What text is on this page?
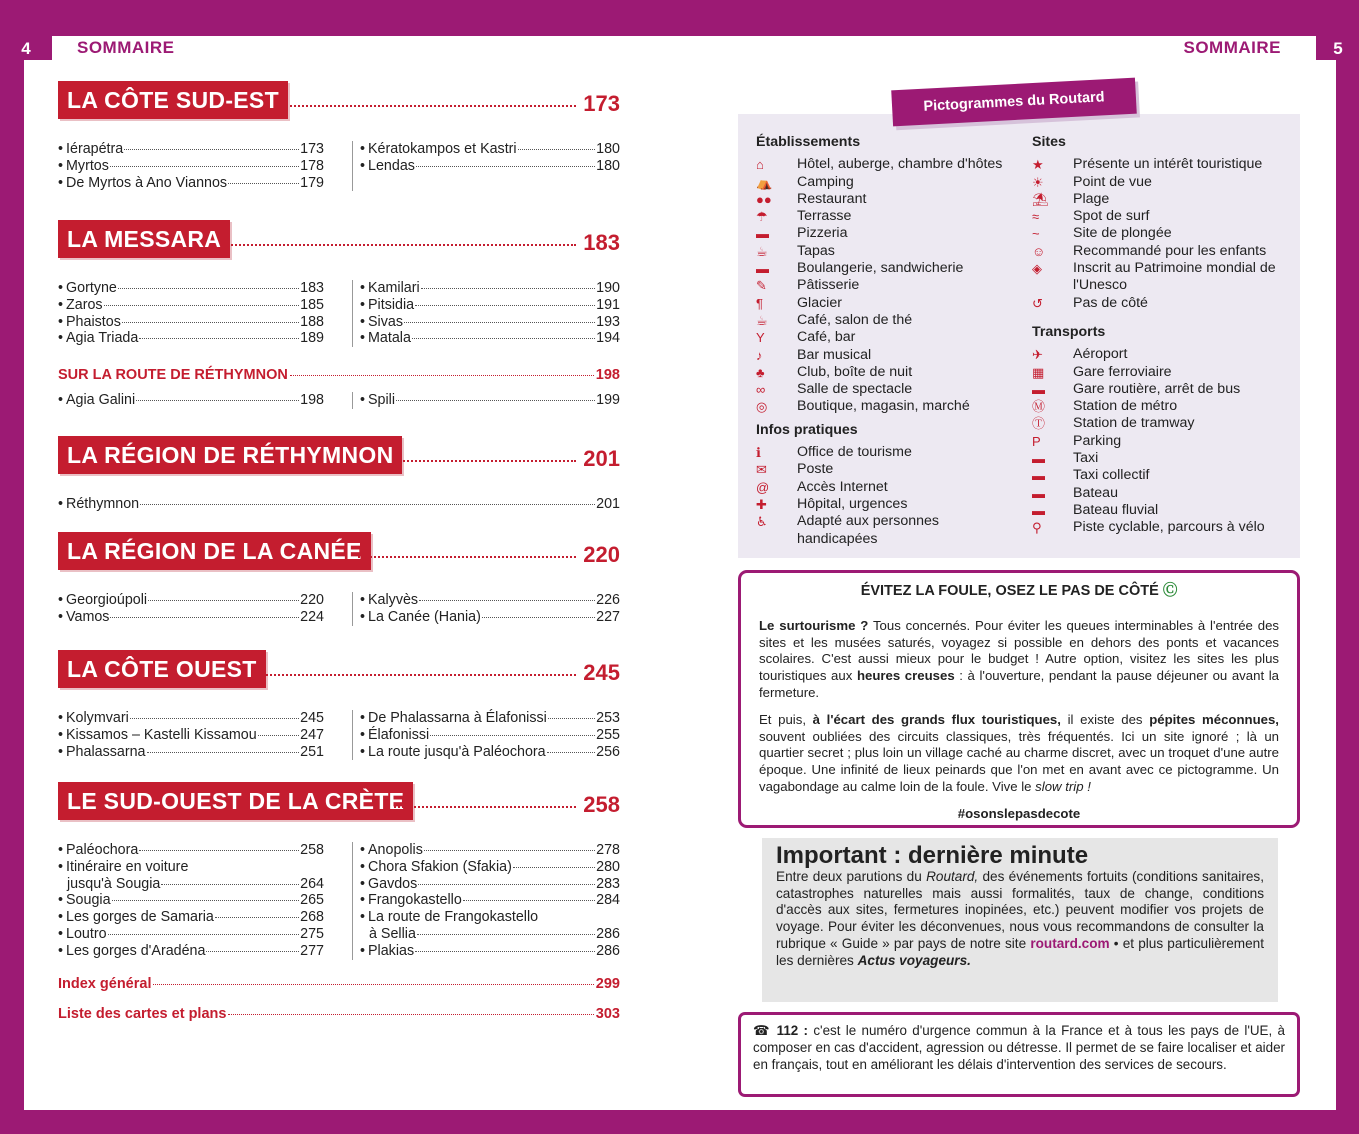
4	SOMMAIRE
LA CÔTE SUD-EST	173
• Iérapétra	173
• Myrtos	178
• De Myrtos à Ano Viannos	179
• Kératokampos et Kastri	180
• Lendas	180
LA MESSARA	183
• Gortyne	183
• Zaros	185
• Phaistos	188
• Agia Triada	189
• Kamilari	190
• Pitsidia	191
• Sivas	193
• Matala	194
LA RÉGION DE RÉTHYMNON	201
• Réthymnon	201
LA RÉGION DE LA CANÉE	220
• Georgioúpoli	220
• Vamos	224
• Kalyvès	226
• La Canée (Hania)	227
LA CÔTE OUEST	245
• Kolymvari	245
• Kissamos – Kastelli Kissamou	247
• Phalassarna	251
• De Phalassarna à Élafonissi	253
• Élafonissi	255
• La route jusqu'à Paléochora	256
LE SUD-OUEST DE LA CRÈTE	258
• Paléochora	258
• Itinéraire en voiture
jusqu'à Sougia	264
• Sougia	265
• Les gorges de Samaria	268
• Loutro	275
• Les gorges d'Aradéna	277
• Anopolis	278
• Chora Sfakion (Sfakia)	280
• Gavdos	283
• Frangokastello	284
• La route de Frangokastello
à Sellia	286
• Plakias	286
SUR LA ROUTE DE RÉTHYMNON	198
• Agia Galini	198	• Spili	199
Index général	299
Liste des cartes et plans	303
5
SOMMAIRE
Établissements
⌂	Hôtel, auberge, chambre d'hôtes
⛺	Camping
●●	Restaurant
☂	Terrasse
▬	Pizzeria
☕	Tapas
▬	Boulangerie, sandwicherie
✎	Pâtisserie
¶	Glacier
☕	Café, salon de thé
Y	Café, bar
♪	Bar musical
♣	Club, boîte de nuit
∞	Salle de spectacle
◎	Boutique, magasin, marché
Infos pratiques
ℹ	Office de tourisme
✉	Poste
@	Accès Internet
✚	Hôpital, urgences
♿	Adapté aux personnes handicapées
Sites
★	Présente un intérêt touristique
☀	Point de vue
⛱	Plage
≈	Spot de surf
~	Site de plongée
☺	Recommandé pour les enfants
◈	Inscrit au Patrimoine mondial de l'Unesco
↺	Pas de côté
Transports
✈	Aéroport
▦	Gare ferroviaire
▬	Gare routière, arrêt de bus
Ⓜ	Station de métro
Ⓣ	Station de tramway
P	Parking
▬	Taxi
▬	Taxi collectif
▬	Bateau
▬	Bateau fluvial
⚲	Piste cyclable, parcours à vélo
Pictogrammes du Routard
ÉVITEZ LA FOULE, OSEZ LE PAS DE CÔTÉ Ⓒ

Le surtourisme ? Tous concernés. Pour éviter les queues interminables à l'entrée des sites et les musées saturés, voyagez si possible en dehors des ponts et vacances scolaires. C'est aussi mieux pour le budget ! Autre option, visitez les sites les plus touristiques aux heures creuses : à l'ouverture, pendant la pause déjeuner ou avant la fermeture.

Et puis, à l'écart des grands flux touristiques, il existe des pépites méconnues, souvent oubliées des circuits classiques, très fréquentés. Ici un site ignoré ; là un quartier secret ; plus loin un village caché au charme discret, avec un troquet d'une autre époque. Une infinité de lieux peinards que l'on met en avant avec ce pictogramme. Un vagabondage au calme loin de la foule. Vive le slow trip !

#osonslepasdecote
Important : dernière minute
Entre deux parutions du Routard, des événements fortuits (conditions sanitaires, catastrophes naturelles mais aussi formalités, taux de change, conditions d'accès aux sites, fermetures inopinées, etc.) peuvent modifier vos projets de voyage. Pour éviter les déconvenues, nous vous recommandons de consulter la rubrique « Guide » par pays de notre site routard.com • et plus particulièrement les dernières Actus voyageurs.
☎ 112 : c'est le numéro d'urgence commun à la France et à tous les pays de l'UE, à composer en cas d'accident, agression ou détresse. Il permet de se faire localiser et aider en français, tout en améliorant les délais d'intervention des services de secours.
